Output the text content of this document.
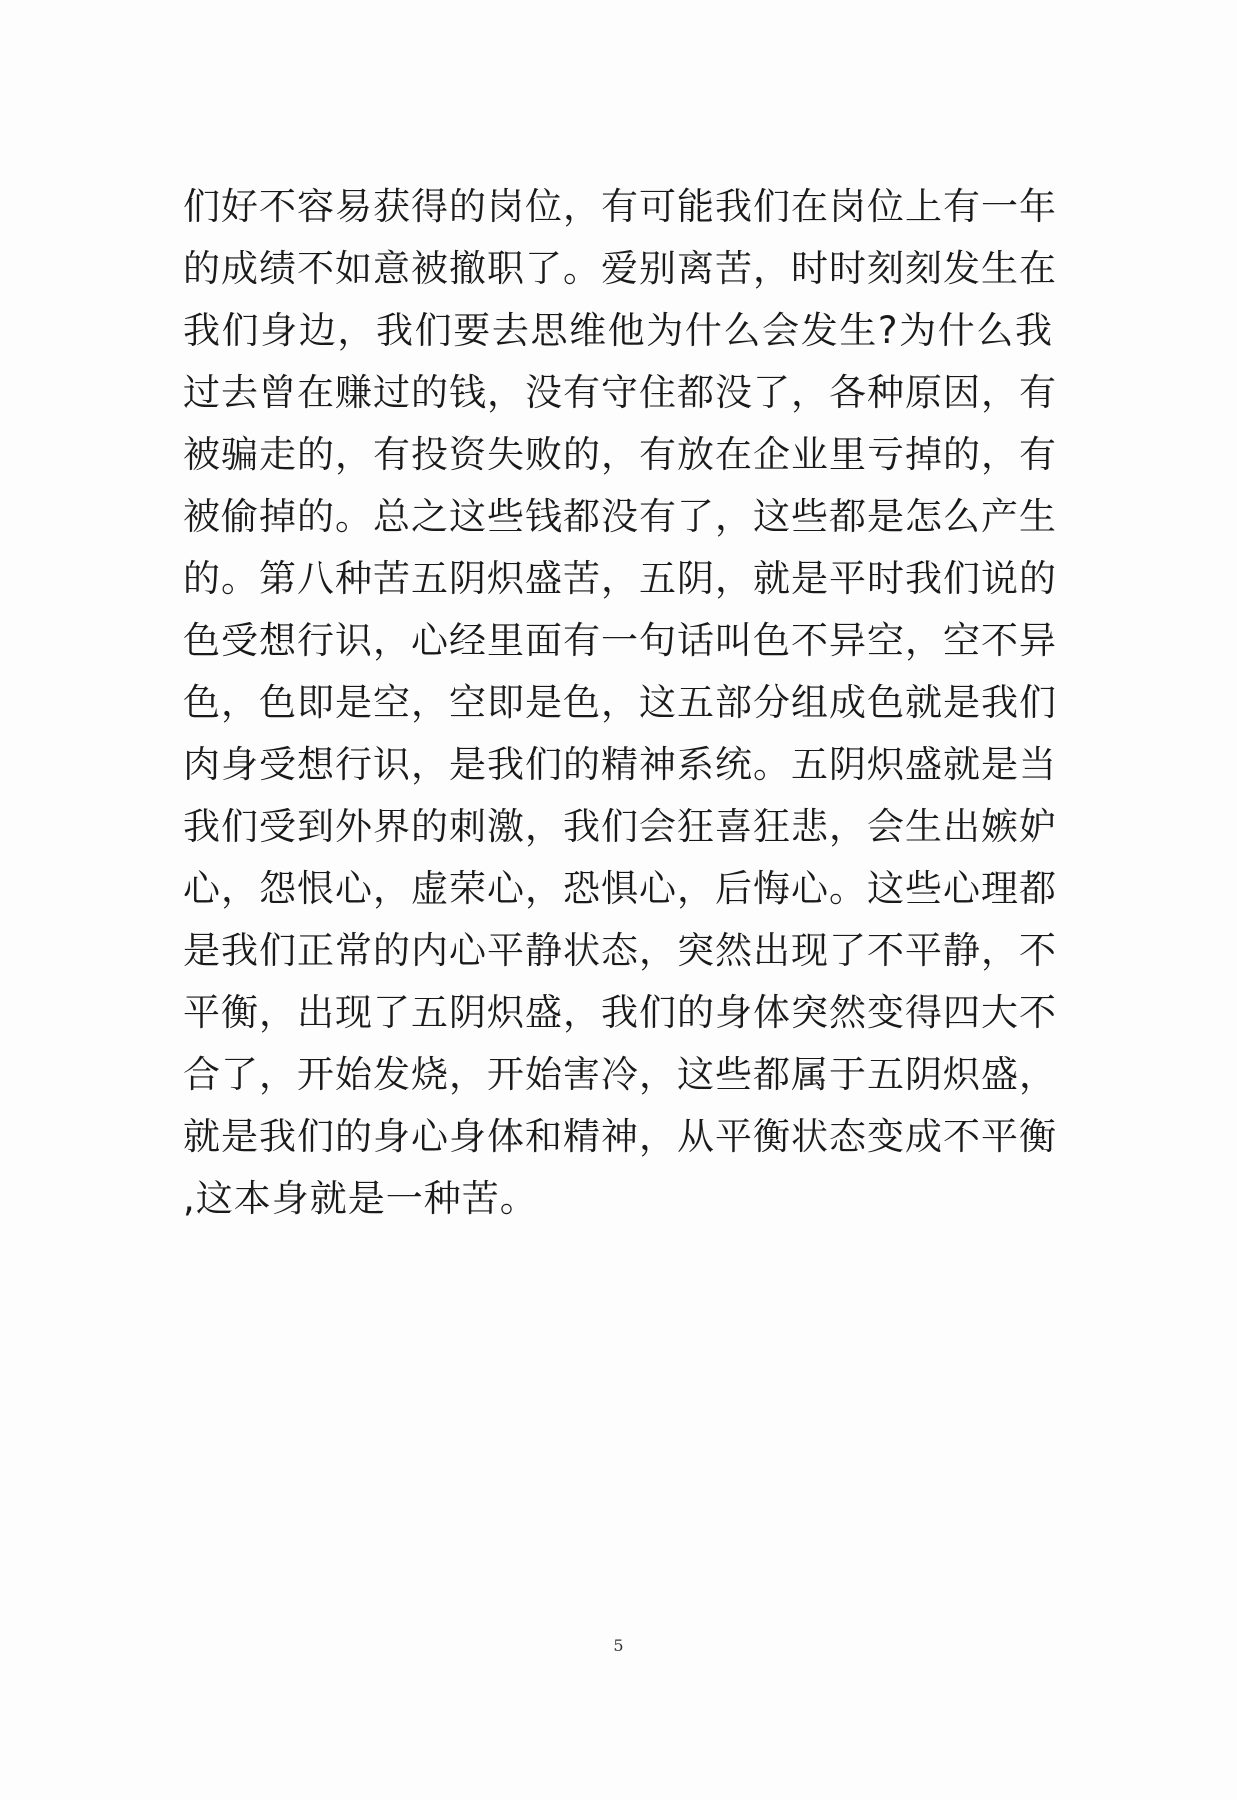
们好不容易获得的岗位，有可能我们在岗位上有一年
的成绩不如意被撤职了。爱别离苦，时时刻刻发生在
我们身边，我们要去思维他为什么会发生?为什么我
过去曾在赚过的钱，没有守住都没了，各种原因，有
被骗走的，有投资失败的，有放在企业里亏掉的，有
被偷掉的。总之这些钱都没有了，这些都是怎么产生
的。第八种苦五阴炽盛苦，五阴，就是平时我们说的
色受想行识，心经里面有一句话叫色不异空，空不异
色，色即是空，空即是色，这五部分组成色就是我们
肉身受想行识，是我们的精神系统。五阴炽盛就是当
我们受到外界的刺激，我们会狂喜狂悲，会生出嫉妒
心，怨恨心，虚荣心，恐惧心，后悔心。这些心理都
是我们正常的内心平静状态，突然出现了不平静，不
平衡，出现了五阴炽盛，我们的身体突然变得四大不
合了，开始发烧，开始害冷，这些都属于五阴炽盛，
就是我们的身心身体和精神，从平衡状态变成不平衡
,这本身就是一种苦。
5
